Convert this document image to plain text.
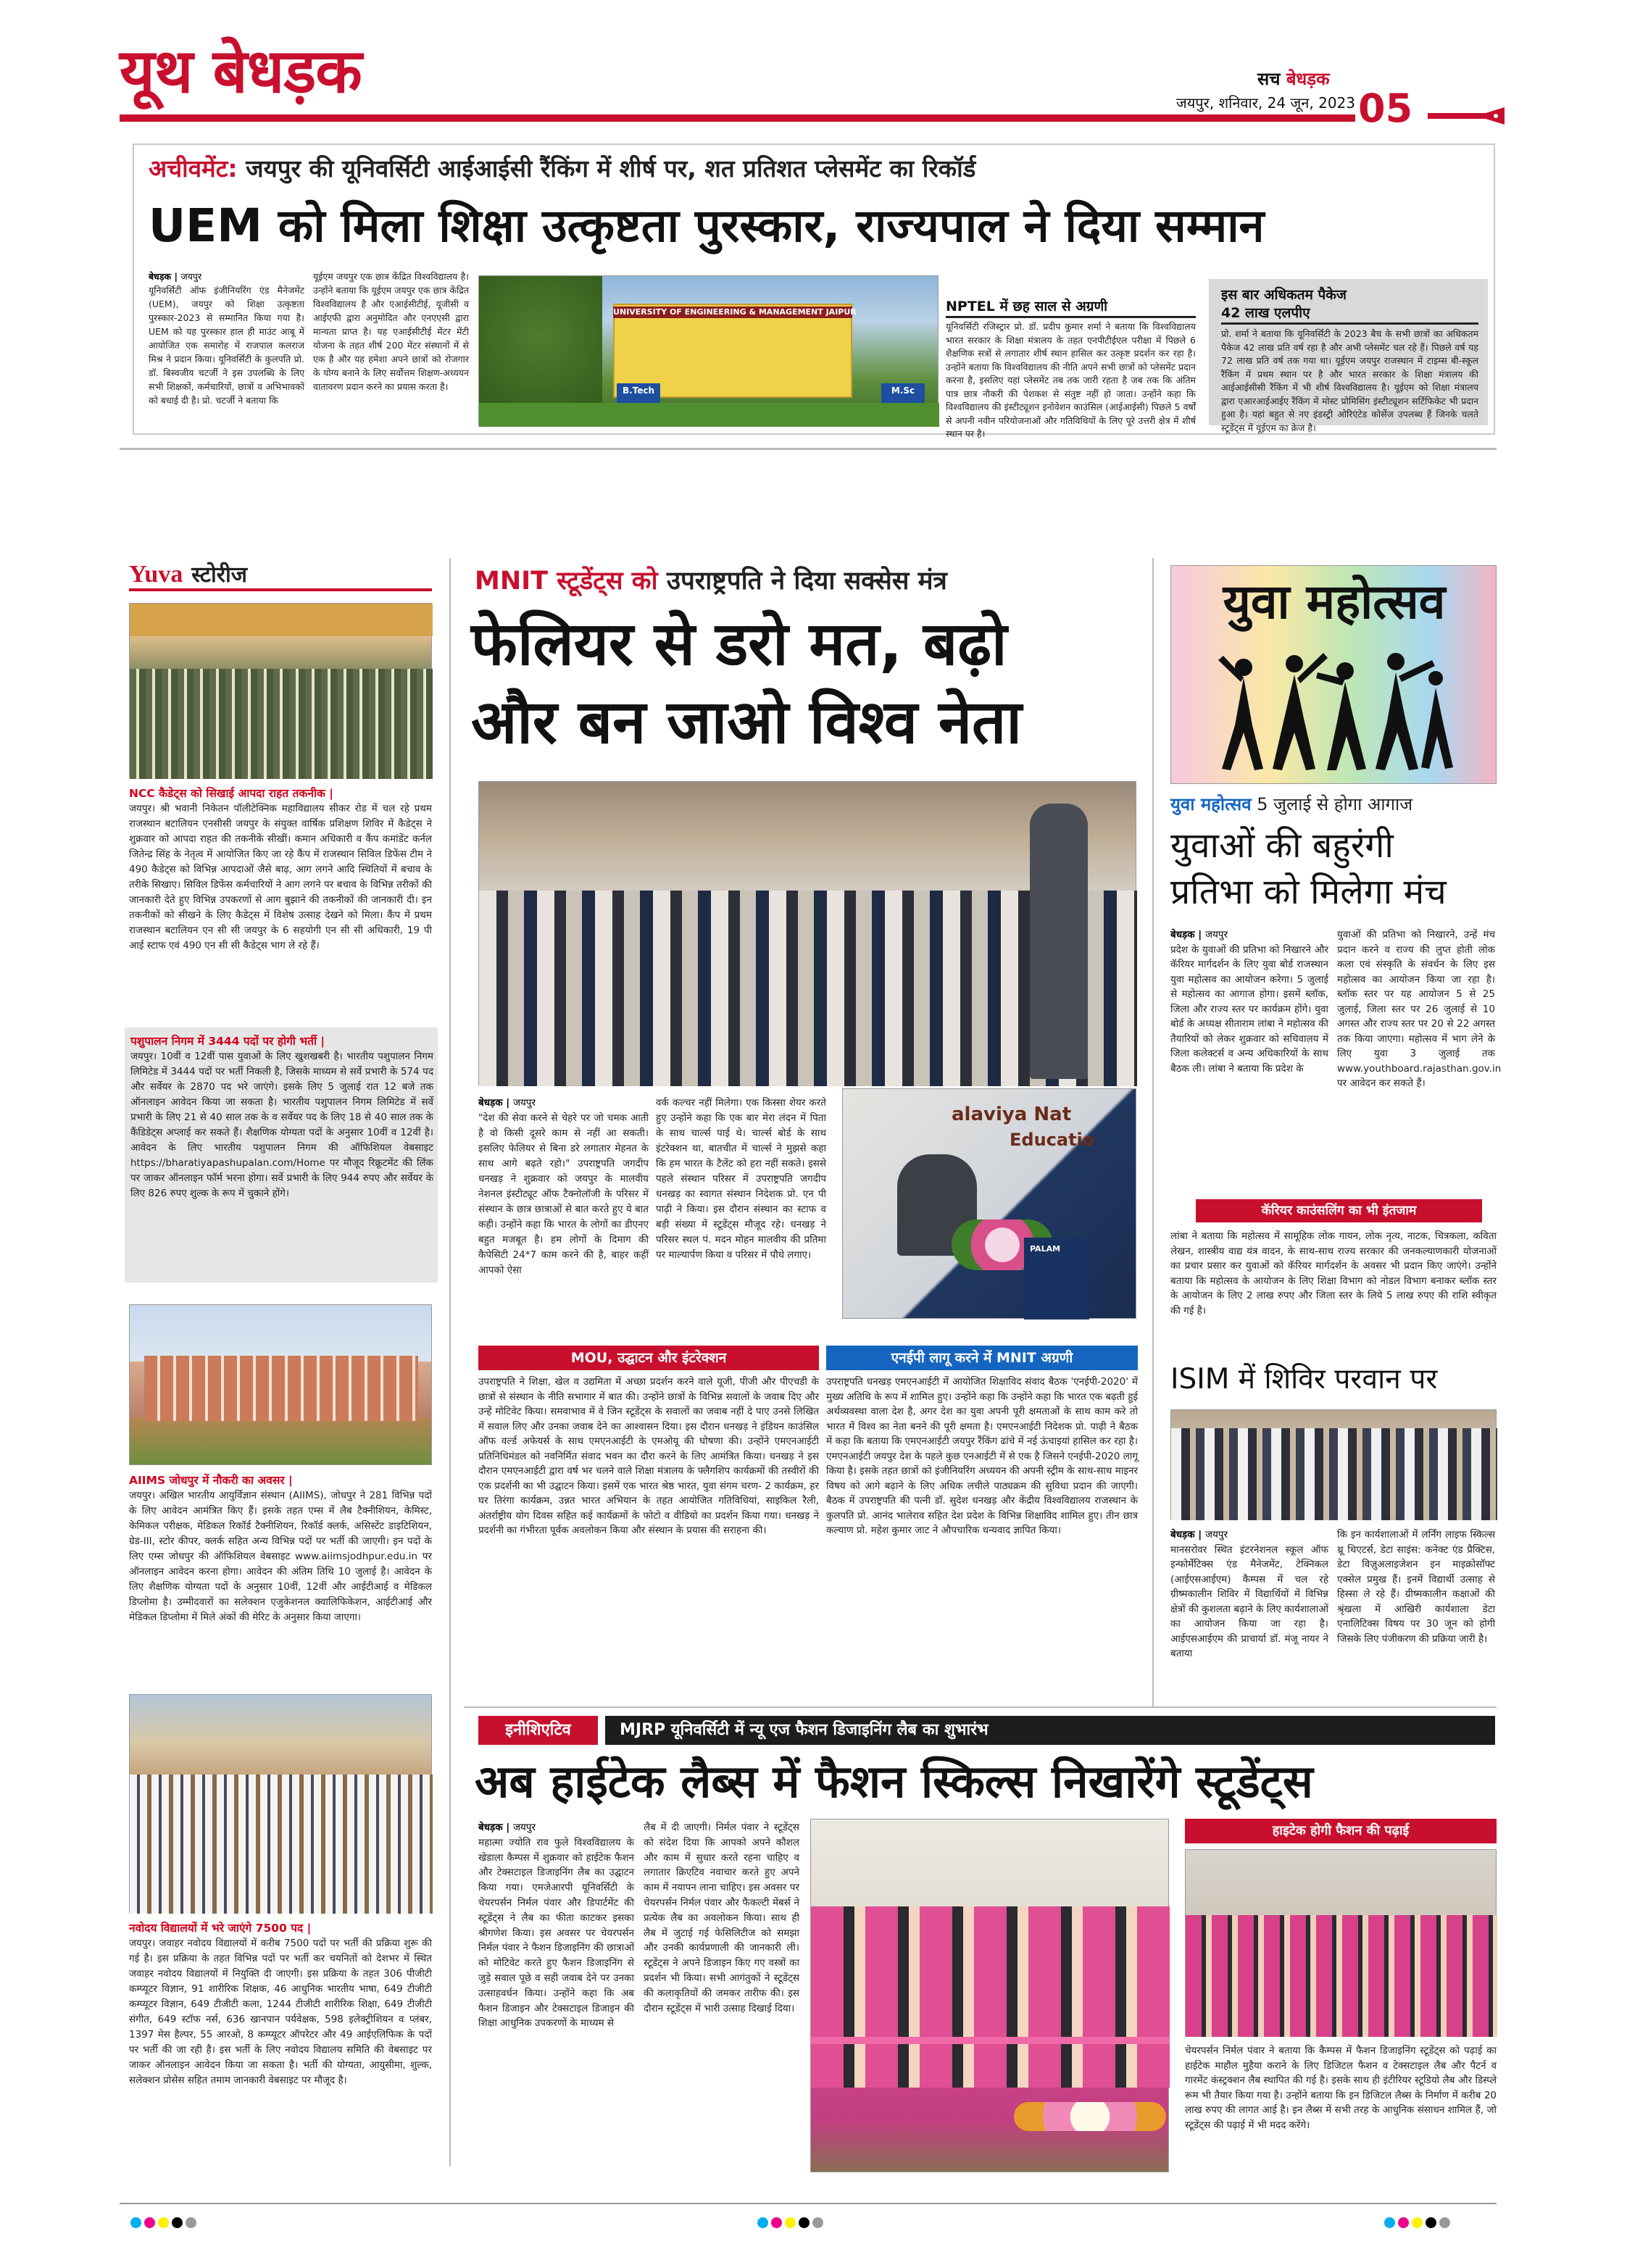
यूथ बेधड़क	सच बेधड़क
जयपुर, शनिवार, 24 जून, 2023 05
अचीवमेंट: जयपुर की यूनिवर्सिटी आईआईसी रैंकिंग में शीर्ष पर, शत प्रतिशत प्लेसमेंट का रिकॉर्ड
UEM को मिला शिक्षा उत्कृष्टता पुरस्कार, राज्यपाल ने दिया सम्मान
बेधड़क | जयपुर
यूनिवर्सिटी ऑफ इंजीनियरिंग एंड मैनेजमेंट (UEM), जयपुर को शिक्षा उत्कृष्टता पुरस्कार-2023 से सम्मानित किया गया है। UEM को यह पुरस्कार हाल ही माउंट आबू में आयोजित एक समारोह में राजपाल कलराज मिश्र ने प्रदान किया। यूनिवर्सिटी के कुलपति प्रो. डॉ. बिस्वजीय चटर्जी ने इस उपलब्धि के लिए सभी शिक्षकों, कर्मचारियों, छात्रों व अभिभावकों को बधाई दी है। प्रो. चटर्जी ने बताया कि
यूईएम जयपुर एक छात्र केंद्रित विश्वविद्यालय है। उन्होंने बताया कि यूईएम जयपुर एक छात्र केंद्रित विश्वविद्यालय है और एआईसीटीई, यूजीसी व आईएफी द्वारा अनुमोदित और एनएएसी द्वारा मान्यता प्राप्त है। यह एआईसीटीई मेंटर मेंटी योजना के तहत शीर्ष 200 मेंटर संस्थानों में से एक है और यह हमेशा अपने छात्रों को रोजगार के योग्य बनाने के लिए सर्वोत्तम शिक्षण-अध्ययन वातावरण प्रदान करने का प्रयास करता है।
UNIVERSITY OF ENGINEERING & MANAGEMENT JAIPUR
B.Tech	M.Sc
NPTEL में छह साल से अग्रणी
यूनिवर्सिटी रजिस्ट्रार प्रो. डॉ. प्रदीप कुमार शर्मा ने बताया कि विश्वविद्यालय भारत सरकार के शिक्षा मंत्रालय के तहत एनपीटीईएल परीक्षा में पिछले 6 शैक्षणिक सत्रों से लगातार शीर्ष स्थान हासिल कर उत्कृष्ट प्रदर्शन कर रहा है। उन्होंने बताया कि विश्वविद्यालय की नीति अपने सभी छात्रों को प्लेसमेंट प्रदान करना है, इसलिए यहां प्लेसमेंट तब तक जारी रहता है जब तक कि अंतिम पात्र छात्र नौकरी की पेशकश से संतुष्ट नहीं हो जाता। उन्होंने कहा कि विश्वविद्यालय की इंस्टीट्यूशन इनोवेशन काउंसिल (आईआईसी) पिछले 5 वर्षों से अपनी नवीन परियोजनाओं और गतिविधियों के लिए पूरे उत्तरी क्षेत्र में शीर्ष स्थान पर है।
इस बार अधिकतम पैकेज
42 लाख एलपीए
प्रो. शर्मा ने बताया कि यूनिवर्सिटी के 2023 बैच के सभी छात्रों का अधिकतम पैकेज 42 लाख प्रति वर्ष रहा है और अभी प्लेसमेंट चल रहे हैं। पिछले वर्ष यह 72 लाख प्रति वर्ष तक गया था। यूईएम जयपुर राजस्थान में टाइम्स बी-स्कूल रैंकिंग में प्रथम स्थान पर है और भारत सरकार के शिक्षा मंत्रालय की आईआईसीसी रैंकिंग में भी शीर्ष विश्वविद्यालय है। यूईएम को शिक्षा मंत्रालय द्वारा एआरआईआईए रैंकिंग में मोस्ट प्रोमिसिंग इंस्टीट्यूशन सर्टिफिकेट भी प्रदान हुआ है। यहां बहुत से नए इंडस्ट्री ओरिएंटेड कोर्सेज उपलब्ध हैं जिनके चलते स्टूडेंट्स में यूईएम का क्रेज है।
Yuva स्टोरीज
NCC कैडेट्स को सिखाई आपदा राहत तकनीक |
जयपुर। श्री भवानी निकेतन पॉलीटेक्निक महाविद्यालय सीकर रोड में चल रहे प्रथम राजस्थान बटालियन एनसीसी जयपुर के संयुक्त वार्षिक प्रशिक्षण शिविर में कैडेट्स ने शुक्रवार को आपदा राहत की तकनीकें सीखीं। कमान अधिकारी व कैंप कमांडेंट कर्नल जितेन्द्र सिंह के नेतृत्व में आयोजित किए जा रहे कैंप में राजस्थान सिविल डिफेंस टीम ने 490 कैडेट्स को विभिन्न आपदाओं जैसे बाढ़, आग लगने आदि स्थितियों में बचाव के तरीके सिखाए। सिविल डिफेंस कर्मचारियों ने आग लगने पर बचाव के विभिन्न तरीकों की जानकारी देते हुए विभिन्न उपकरणों से आग बुझाने की तकनीकों की जानकारी दी। इन तकनीकों को सीखने के लिए कैडेट्स में विशेष उत्साह देखने को मिला। कैंप में प्रथम राजस्थान बटालियन एन सी सी जयपुर के 6 सहयोगी एन सी सी अधिकारी, 19 पी आई स्टाफ एवं 490 एन सी सी कैडेट्स भाग ले रहे हैं।
पशुपालन निगम में 3444 पदों पर होगी भर्ती |
जयपुर। 10वीं व 12वीं पास युवाओं के लिए खुशखबरी है। भारतीय पशुपालन निगम लिमिटेड में 3444 पदों पर भर्ती निकली है, जिसके माध्यम से सर्वे प्रभारी के 574 पद और सर्वेयर के 2870 पद भरे जाएंगे। इसके लिए 5 जुलाई रात 12 बजे तक ऑनलाइन आवेदन किया जा सकता है। भारतीय पशुपालन निगम लिमिटेड में सर्वे प्रभारी के लिए 21 से 40 साल तक के व सर्वेयर पद के लिए 18 से 40 साल तक के कैंडिडेट्स अप्लाई कर सकते हैं। शैक्षणिक योग्यता पदों के अनुसार 10वीं व 12वीं है। आवेदन के लिए भारतीय पशुपालन निगम की ऑफिशियल वेबसाइट https://bharatiyapashupalan.com/Home पर मौजूद रिक्रूटमेंट की लिंक पर जाकर ऑनलाइन फॉर्म भरना होगा। सर्वे प्रभारी के लिए 944 रुपए और सर्वेयर के लिए 826 रुपए शुल्क के रूप में चुकाने होंगे।
AIIMS जोधपुर में नौकरी का अवसर |
जयपुर। अखिल भारतीय आयुर्विज्ञान संस्थान (AIIMS), जोधपुर ने 281 विभिन्न पदों के लिए आवेदन आमंत्रित किए हैं। इसके तहत एम्स में लैब टैक्नीशियन, केमिस्ट, केमिकल परीक्षक, मेडिकल रिकॉर्ड टैक्नीशियन, रिकॉर्ड क्लर्क, असिस्टेंट डाइटिशियन, ग्रेड-III, स्टोर कीपर, क्लर्क सहित अन्य विभिन्न पदों पर भर्ती की जाएगी। इन पदों के लिए एम्स जोधपुर की ऑफिशियल वेबसाइट www.aiimsjodhpur.edu.in पर ऑनलाइन आवेदन करना होगा। आवेदन की अंतिम तिथि 10 जुलाई है। आवेदन के लिए शैक्षणिक योग्यता पदों के अनुसार 10वीं, 12वीं और आईटीआई व मेडिकल डिप्लोमा है। उम्मीदवारों का सलेक्शन एजुकेशनल क्वालिफिकेशन, आईटीआई और मेडिकल डिप्लोमा में मिले अंकों की मेरिट के अनुसार किया जाएगा।
नवोदय विद्यालयों में भरे जाएंगे 7500 पद |
जयपुर। जवाहर नवोदय विद्यालयों में करीब 7500 पदों पर भर्ती की प्रक्रिया शुरू की गई है। इस प्रक्रिया के तहत विभिन्न पदों पर भर्ती कर चयनितों को देशभर में स्थित जवाहर नवोदय विद्यालयों में नियुक्ति दी जाएगी। इस प्रक्रिया के तहत 306 पीजीटी कम्प्यूटर विज्ञान, 91 शारीरिक शिक्षक, 46 आधुनिक भारतीय भाषा, 649 टीजीटी कम्प्यूटर विज्ञान, 649 टीजीटी कला, 1244 टीजीटी शारीरिक शिक्षा, 649 टीजीटी संगीत, 649 स्टॉफ नर्स, 636 खानपान पर्यवेक्षक, 598 इलेक्ट्रीशियन व प्लंबर, 1397 मेस हैल्पर, 55 आरओ, 8 कम्प्यूटर ऑपरेटर और 49 आईएलिफिक के पदों पर भर्ती की जा रही है। इस भर्ती के लिए नवोदय विद्यालय समिति की वेबसाइट पर जाकर ऑनलाइन आवेदन किया जा सकता है। भर्ती की योग्यता, आयुसीमा, शुल्क, सलेक्शन प्रोसेस सहित तमाम जानकारी वेबसाइट पर मौजूद है।
MNIT स्टूडेंट्स को उपराष्ट्रपति ने दिया सक्सेस मंत्र
फेलियर से डरो मत, बढ़ो
और बन जाओ विश्व नेता
बेधड़क | जयपुर
"देश की सेवा करने से चेहरे पर जो चमक आती है वो किसी दूसरे काम से नहीं आ सकती। इसलिए फेलियर से बिना डरे लगातार मेहनत के साथ आगे बढ़ते रहो।" उपराष्ट्रपति जगदीप धनखड़ ने शुक्रवार को जयपुर के मालवीय नेशनल इंस्टीट्यूट ऑफ टैक्नोलॉजी के परिसर में संस्थान के छात्र छात्राओं से बात करते हुए ये बात कही। उन्होंने कहा कि भारत के लोगों का डीएनए बहुत मजबूत है। हम लोगों के दिमाग की कैपेसिटी 24*7 काम करने की है, बाहर कहीं आपको ऐसा
वर्क कल्चर नहीं मिलेगा। एक किस्सा शेयर करते हुए उन्होंने कहा कि एक बार मेरा लंदन में पिता के साथ चार्ल्स पाई थे। चार्ल्स बोर्ड के साथ इंटरेक्शन था, बातचीत में चार्ल्स ने मुझसे कहा कि हम भारत के टैलेंट को हरा नहीं सकते। इससे पहले संस्थान परिसर में उपराष्ट्रपति जगदीप धनखड़ का स्वागत संस्थान निदेशक प्रो. एन पी पाढ़ी ने किया। इस दौरान संस्थान का स्टाफ व बड़ी संख्या में स्टूडेंट्स मौजूद रहे। धनखड़ ने परिसर स्थल पं. मदन मोहन मालवीय की प्रतिमा पर माल्यार्पण किया व परिसर में पौधे लगाए।
alaviya Nat
Educatio
PALAM
MOU, उद्घाटन और इंटरेक्शन
उपराष्ट्रपति ने शिक्षा, खेल व उद्यमिता में अच्छा प्रदर्शन करने वाले यूजी, पीजी और पीएचडी के छात्रों से संस्थान के नीति सभागार में बात की। उन्होंने छात्रों के विभिन्न सवालों के जवाब दिए और उन्हें मोटिवेट किया। समवाभाव में वे जिन स्टूडेंट्स के सवालों का जवाब नहीं दे पाए उनसे लिखित में सवाल लिए और उनका जवाब देने का आश्वासन दिया। इस दौरान धनखड़ ने इंडियन काउंसिल ऑफ वर्ल्ड अफेयर्स के साथ एमएनआईटी के एमओयू की घोषणा की। उन्होंने एमएनआईटी प्रतिनिधिमंडल को नवनिर्मित संवाद भवन का दौरा करने के लिए आमंत्रित किया। धनखड़ ने इस दौरान एमएनआईटी द्वारा वर्ष भर चलने वाले शिक्षा मंत्रालय के फ्लैगशिप कार्यक्रमों की तस्वीरों की एक प्रदर्शनी का भी उद्घाटन किया। इसमें एक भारत श्रेष्ठ भारत, युवा संगम चरण- 2 कार्यक्रम, हर घर तिरंगा कार्यक्रम, उन्नत भारत अभियान के तहत आयोजित गतिविधियां, साइकिल रैली, अंतर्राष्ट्रीय योग दिवस सहित कई कार्यक्रमों के फोटो व वीडियो का प्रदर्शन किया गया। धनखड़ ने प्रदर्शनी का गंभीरता पूर्वक अवलोकन किया और संस्थान के प्रयास की सराहना की।
एनईपी लागू करने में MNIT अग्रणी
उपराष्ट्रपति धनखड़ एमएनआईटी में आयोजित शिक्षाविद संवाद बैठक 'एनईपी-2020' में मुख्य अतिथि के रूप में शामिल हुए। उन्होंने कहा कि उन्होंने कहा कि भारत एक बढ़ती हुई अर्थव्यवस्था वाला देश है, अगर देश का युवा अपनी पूरी क्षमताओं के साथ काम करे तो भारत में विश्व का नेता बनने की पूरी क्षमता है। एमएनआईटी निदेशक प्रो. पाढ़ी ने बैठक में कहा कि बताया कि एमएनआईटी जयपुर रैंकिंग ढांचे में नई ऊंचाइयां हासिल कर रहा है। एमएनआईटी जयपुर देश के पहले कुछ एनआईटी में से एक है जिसने एनईपी-2020 लागू किया है। इसके तहत छात्रों को इंजीनियरिंग अध्ययन की अपनी स्ट्रीम के साथ-साथ माइनर विषय को आगे बढ़ाने के लिए अधिक लचीले पाठ्यक्रम की सुविधा प्रदान की जाएगी। बैठक में उपराष्ट्रपति की पत्नी डॉ. सुदेश धनखड़ और केंद्रीय विश्वविद्यालय राजस्थान के कुलपति प्रो. आनंद भालेराव सहित देश प्रदेश के विभिन्न शिक्षाविद शामिल हुए। तीन छात्र कल्याण प्रो. महेश कुमार जाट ने औपचारिक धन्यवाद ज्ञापित किया।
युवा महोत्सव
युवा महोत्सव 5 जुलाई से होगा आगाज
युवाओं की बहुरंगी
प्रतिभा को मिलेगा मंच
बेधड़क | जयपुर
प्रदेश के युवाओं की प्रतिभा को निखारने और कॅरियर मार्गदर्शन के लिए युवा बोर्ड राजस्थान युवा महोत्सव का आयोजन करेगा। 5 जुलाई से महोत्सव का आगाज होगा। इसमें ब्लॉक, जिला और राज्य स्तर पर कार्यक्रम होंगे। युवा बोर्ड के अध्यक्ष सीताराम लांबा ने महोत्सव की तैयारियों को लेकर शुक्रवार को सचिवालय में जिला कलेक्टर्स व अन्य अधिकारियों के साथ बैठक ली। लांबा ने बताया कि प्रदेश के
युवाओं की प्रतिभा को निखारने, उन्हें मंच प्रदान करने व राज्य की लुप्त होती लोक कला एवं संस्कृति के संवर्धन के लिए इस महोत्सव का आयोजन किया जा रहा है। ब्लॉक स्तर पर यह आयोजन 5 से 25 जुलाई, जिला स्तर पर 26 जुलाई से 10 अगस्त और राज्य स्तर पर 20 से 22 अगस्त तक किया जाएगा। महोत्सव में भाग लेने के लिए युवा 3 जुलाई तक www.youthboard.rajasthan.gov.in पर आवेदन कर सकते हैं।
कॅरियर काउंसलिंग का भी इंतजाम
लांबा ने बताया कि महोत्सव में सामूहिक लोक गायन, लोक नृत्य, नाटक, चित्रकला, कविता लेखन, शास्त्रीय वाद्य यंत्र वादन, के साथ-साथ राज्य सरकार की जनकल्याणकारी योजनाओं का प्रचार प्रसार कर युवाओं को कॅरियर मार्गदर्शन के अवसर भी प्रदान किए जाएंगे। उन्होंने बताया कि महोत्सव के आयोजन के लिए शिक्षा विभाग को नोडल विभाग बनाकर ब्लॉक स्तर के आयोजन के लिए 2 लाख रुपए और जिला स्तर के लिये 5 लाख रुपए की राशि स्वीकृत की गई है।
ISIM में शिविर परवान पर
बेधड़क | जयपुर
मानसरोवर स्थित इंटरनेशनल स्कूल ऑफ इन्फोर्मेटिक्स एंड मैनेजमेंट, टेक्निकल (आईएसआईएम) कैम्पस में चल रहे ग्रीष्मकालीन शिविर में विद्यार्थियों में विभिन्न क्षेत्रों की कुशलता बढ़ाने के लिए कार्यशालाओं का आयोजन किया जा रहा है। आईएसआईएम की प्राचार्या डॉ. मंजू नायर ने बताया
कि इन कार्यशालाओं में लर्निंग लाइफ स्किल्स थ्रू थिएटर्स, डेटा साइंस: कनेक्ट एंड प्रैक्टिस, डेटा विज़ुअलाइजेशन इन माइक्रोसॉफ्ट एक्सेल प्रमुख हैं। इनमें विद्यार्थी उत्साह से हिस्सा ले रहे हैं। ग्रीष्मकालीन कक्षाओं की श्रृंखला में आखिरी कार्यशाला डेटा एनालिटिक्स विषय पर 30 जून को होगी जिसके लिए पंजीकरण की प्रक्रिया जारी है।
इनीशिएटिव	MJRP यूनिवर्सिटी में न्यू एज फैशन डिजाइनिंग लैब का शुभारंभ
अब हाईटेक लैब्स में फैशन स्किल्स निखारेंगे स्टूडेंट्स
बेधड़क | जयपुर
महात्मा ज्योति राव फुले विश्वविद्यालय के खेडाला कैम्पस में शुक्रवार को हाईटेक फैशन और टेक्सटाइल डिजाइनिंग लैब का उद्घाटन किया गया। एमजेआरपी यूनिवर्सिटी के चेयरपर्सन निर्मल पंवार और डिपार्टमेंट की स्टूडेंट्स ने लैब का फीता काटकर इसका श्रीगणेश किया। इस अवसर पर चेयरपर्सन निर्मल पंवार ने फैशन डिजाइनिंग की छात्राओं को मोटिवेट करते हुए फैशन डिजाइनिंग से जुड़े सवाल पूछे व सही जवाब देने पर उनका उत्साहवर्धन किया। उन्होंने कहा कि अब फैशन डिजाइन और टेक्सटाइल डिजाइन की शिक्षा आधुनिक उपकरणों के माध्यम से
लैब में दी जाएगी। निर्मल पंवार ने स्टूडेंट्स को संदेश दिया कि आपको अपने कौशल और काम में सुधार करते रहना चाहिए व लगातार क्रिएटिव नवाचार करते हुए अपने काम में नयापन लाना चाहिए। इस अवसर पर चेयरपर्सन निर्मल पंवार और फैकल्टी मेंबर्स ने प्रत्येक लैब का अवलोकन किया। साथ ही लैब में जुटाई गई फेसिलिटीज को समझा और उनकी कार्यप्रणाली की जानकारी ली। स्टूडेंट्स ने अपने डिजाइन किए गए वस्त्रों का प्रदर्शन भी किया। सभी आगंतुकों ने स्टूडेंट्स की कलाकृतियों की जमकर तारीफ की। इस दौरान स्टूडेंट्स में भारी उत्साह दिखाई दिया।
हाइटेक होगी फैशन की पढ़ाई
चेयरपर्सन निर्मल पंवार ने बताया कि कैम्पस में फैशन डिजाइनिंग स्टूडेंट्स को पढ़ाई का हाईटेक माहौल मुहैया कराने के लिए डिजिटल फैशन व टेक्सटाइल लैब और पैटर्न व गारमेंट कंस्ट्रक्शन लैब स्थापित की गई है। इसके साथ ही इंटीरियर स्टूडियो लैब और डिस्प्ले रूम भी तैयार किया गया है। उन्होंने बताया कि इन डिजिटल लैब्स के निर्माण में करीब 20 लाख रुपए की लागत आई है। इन लैब्स में सभी तरह के आधुनिक संसाधन शामिल हैं, जो स्टूडेंट्स की पढ़ाई में भी मदद करेंगे।
